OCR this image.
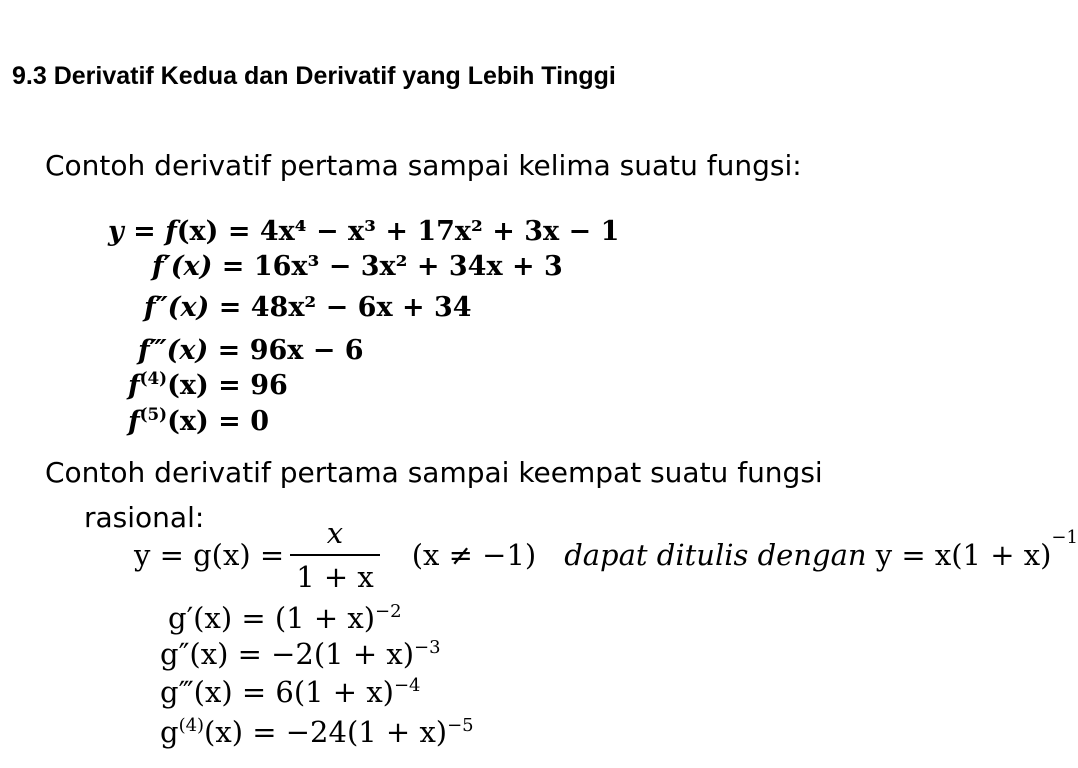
9.3 Derivatif Kedua dan Derivatif yang Lebih Tinggi
Contoh derivatif pertama sampai kelima suatu fungsi:
y = f(x) = 4x⁴ − x³ + 17x² + 3x − 1
f′(x) = 16x³ − 3x² + 34x + 3
f″(x) = 48x² − 6x + 34
f‴(x) = 96x − 6
$f^{(4)}(x) = 96$
$f^{(5)}(x) = 0$
Contoh derivatif pertama sampai keempat suatu fungsi
rasional:
$y = g(x) = \frac{x}{1 + x} (x \ne -1)$ dapat ditulis dengan
$y = x(1 + x)^{-1}$
$g'(x) = (1 + x)^{-2}$
$g''(x) = -2(1 + x)^{-3}$
g‴(x) = $6(1 + x)^{-4}$
$g^{(4)}(x) = -24(1 + x)^{-5}$
